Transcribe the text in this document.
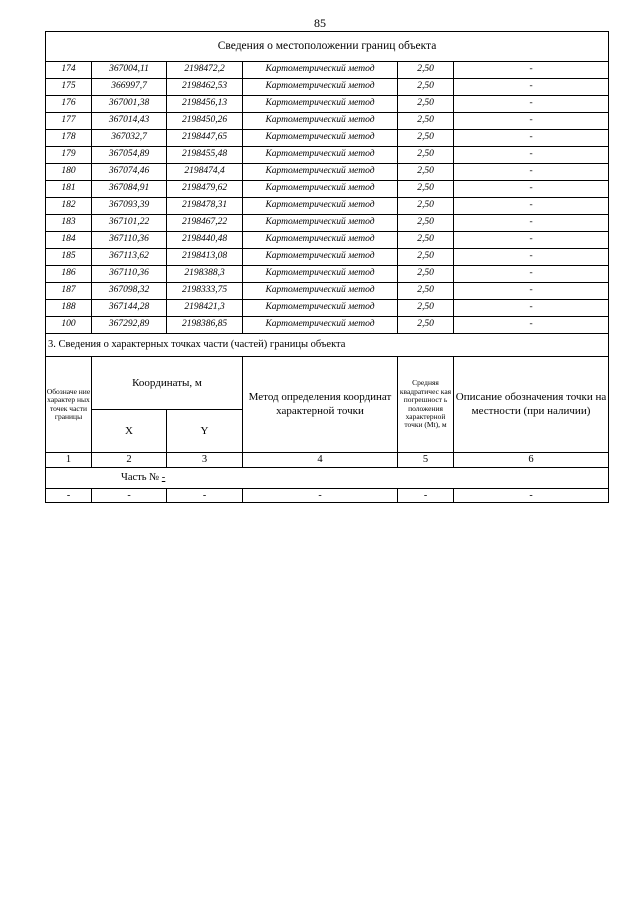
85
Сведения о местоположении границ объекта					
174	367004,11	2198472,2	Картометрический метод	2,50	-
175	366997,7	2198462,53	Картометрический метод	2,50	-
176	367001,38	2198456,13	Картометрический метод	2,50	-
177	367014,43	2198450,26	Картометрический метод	2,50	-
178	367032,7	2198447,65	Картометрический метод	2,50	-
179	367054,89	2198455,48	Картометрический метод	2,50	-
180	367074,46	2198474,4	Картометрический метод	2,50	-
181	367084,91	2198479,62	Картометрический метод	2,50	-
182	367093,39	2198478,31	Картометрический метод	2,50	-
183	367101,22	2198467,22	Картометрический метод	2,50	-
184	367110,36	2198440,48	Картометрический метод	2,50	-
185	367113,62	2198413,08	Картометрический метод	2,50	-
186	367110,36	2198388,3	Картометрический метод	2,50	-
187	367098,32	2198333,75	Картометрический метод	2,50	-
188	367144,28	2198421,3	Картометрический метод	2,50	-
100	367292,89	2198386,85	Картометрический метод	2,50	-
3. Сведения о характерных точках части (частей) границы объекта					
Обозначе ние характер ных точек части границы	Координаты, м		Метод определения координат характерной точки	Средняя квадратичес кая погрешност ь положения характерной точки (Mt), м	Описание обозначения точки на местности (при наличии)
	X	Y			
1	2	3	4	5	6
Часть № -					
-	-	-	-	-	-
